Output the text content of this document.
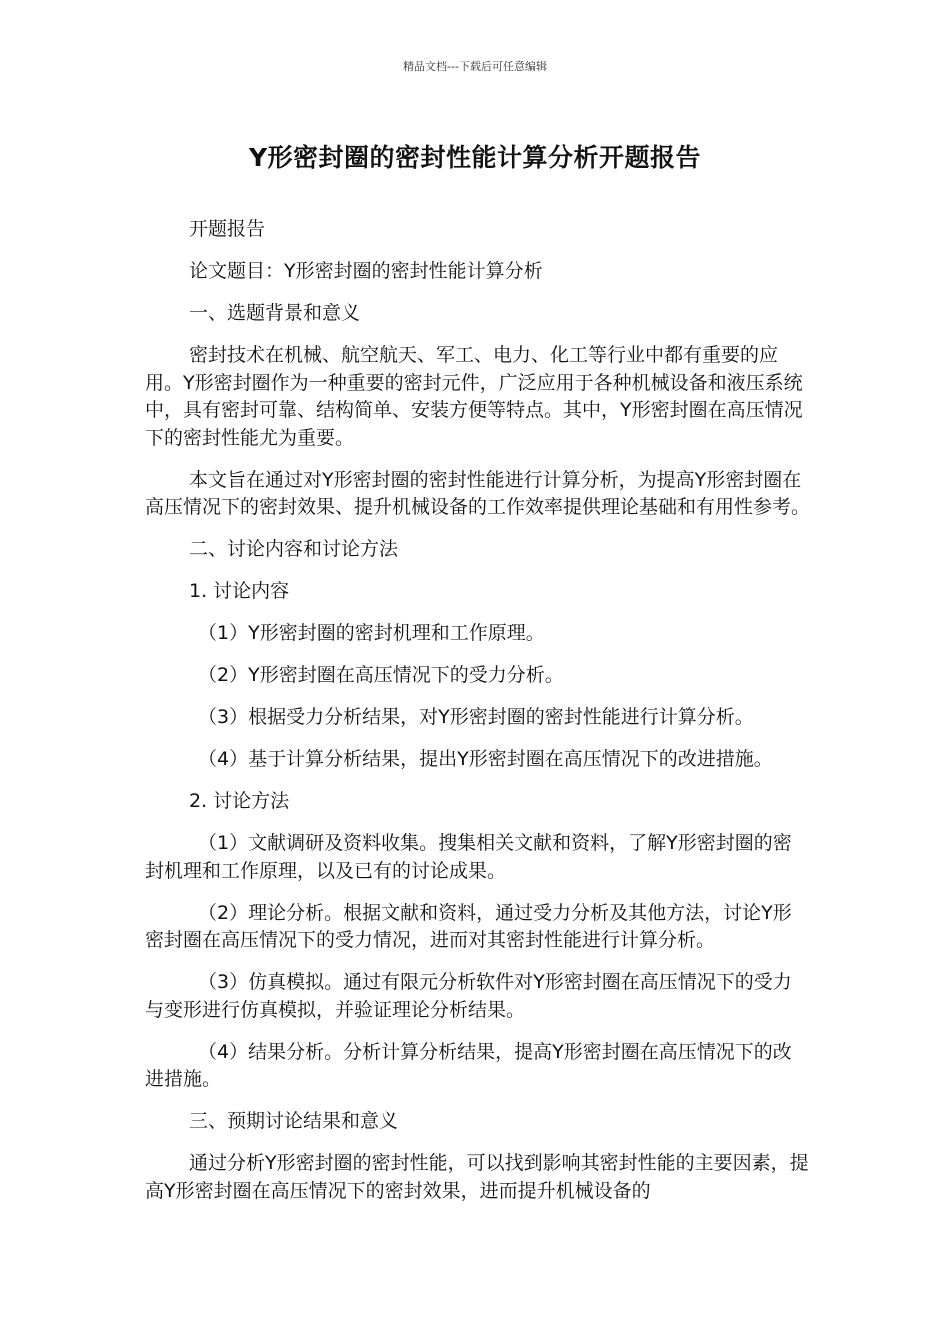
精品文档---下载后可任意编辑
Y形密封圈的密封性能计算分析开题报告

开题报告

论文题目：Y形密封圈的密封性能计算分析

一、选题背景和意义

密封技术在机械、航空航天、军工、电力、化工等行业中都有重要的应用。Y形密封圈作为一种重要的密封元件，广泛应用于各种机械设备和液压系统中，具有密封可靠、结构简单、安装方便等特点。其中，Y形密封圈在高压情况下的密封性能尤为重要。

本文旨在通过对Y形密封圈的密封性能进行计算分析，为提高Y形密封圈在高压情况下的密封效果、提升机械设备的工作效率提供理论基础和有用性参考。

二、讨论内容和讨论方法

1. 讨论内容

（1）Y形密封圈的密封机理和工作原理。

（2）Y形密封圈在高压情况下的受力分析。

（3）根据受力分析结果，对Y形密封圈的密封性能进行计算分析。

（4）基于计算分析结果，提出Y形密封圈在高压情况下的改进措施。

2. 讨论方法

（1）文献调研及资料收集。搜集相关文献和资料，了解Y形密封圈的密封机理和工作原理，以及已有的讨论成果。

（2）理论分析。根据文献和资料，通过受力分析及其他方法，讨论Y形密封圈在高压情况下的受力情况，进而对其密封性能进行计算分析。

（3）仿真模拟。通过有限元分析软件对Y形密封圈在高压情况下的受力与变形进行仿真模拟，并验证理论分析结果。

（4）结果分析。分析计算分析结果，提高Y形密封圈在高压情况下的改进措施。

三、预期讨论结果和意义

通过分析Y形密封圈的密封性能，可以找到影响其密封性能的主要因素，提高Y形密封圈在高压情况下的密封效果，进而提升机械设备的
